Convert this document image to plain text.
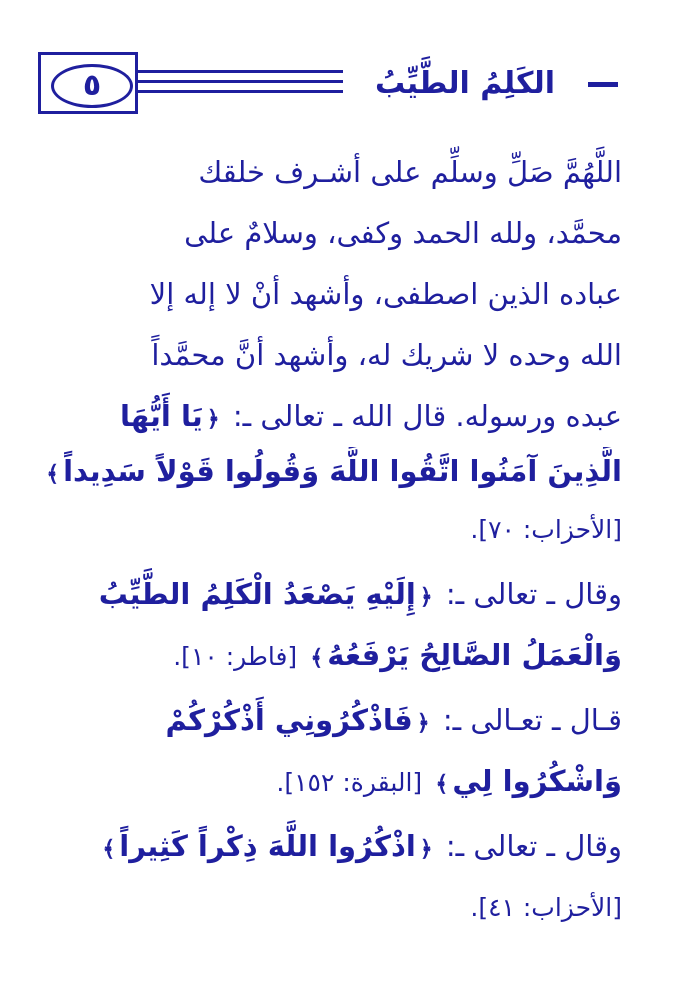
٥	الكَلِمُ الطَّيِّبُ
اللَّهُمَّ صَلِّ وسلِّم على أشـرف خلقك
محمَّد، ولله الحمد وكفى، وسلامٌ على
عباده الذين اصطفى، وأشهد أنْ لا إله إلا
الله وحده لا شريك له، وأشهد أنَّ محمَّداً
عبده ورسوله. قال الله ـ تعالى ـ: ﴿يَا أَيُّهَا
الَّذِينَ آمَنُوا اتَّقُوا اللَّهَ وَقُولُوا قَوْلاً سَدِيداً﴾
[الأحزاب: ٧٠].
وقال ـ تعالى ـ: ﴿إِلَيْهِ يَصْعَدُ الْكَلِمُ الطَّيِّبُ
وَالْعَمَلُ الصَّالِحُ يَرْفَعُهُ﴾ [فاطر: ١٠].
قـال ـ تعـالى ـ: ﴿فَاذْكُرُونِي أَذْكُرْكُمْ
وَاشْكُرُوا لِي﴾ [البقرة: ١٥٢].
وقال ـ تعالى ـ: ﴿اذْكُرُوا اللَّهَ ذِكْراً كَثِيراً﴾
[الأحزاب: ٤١].
